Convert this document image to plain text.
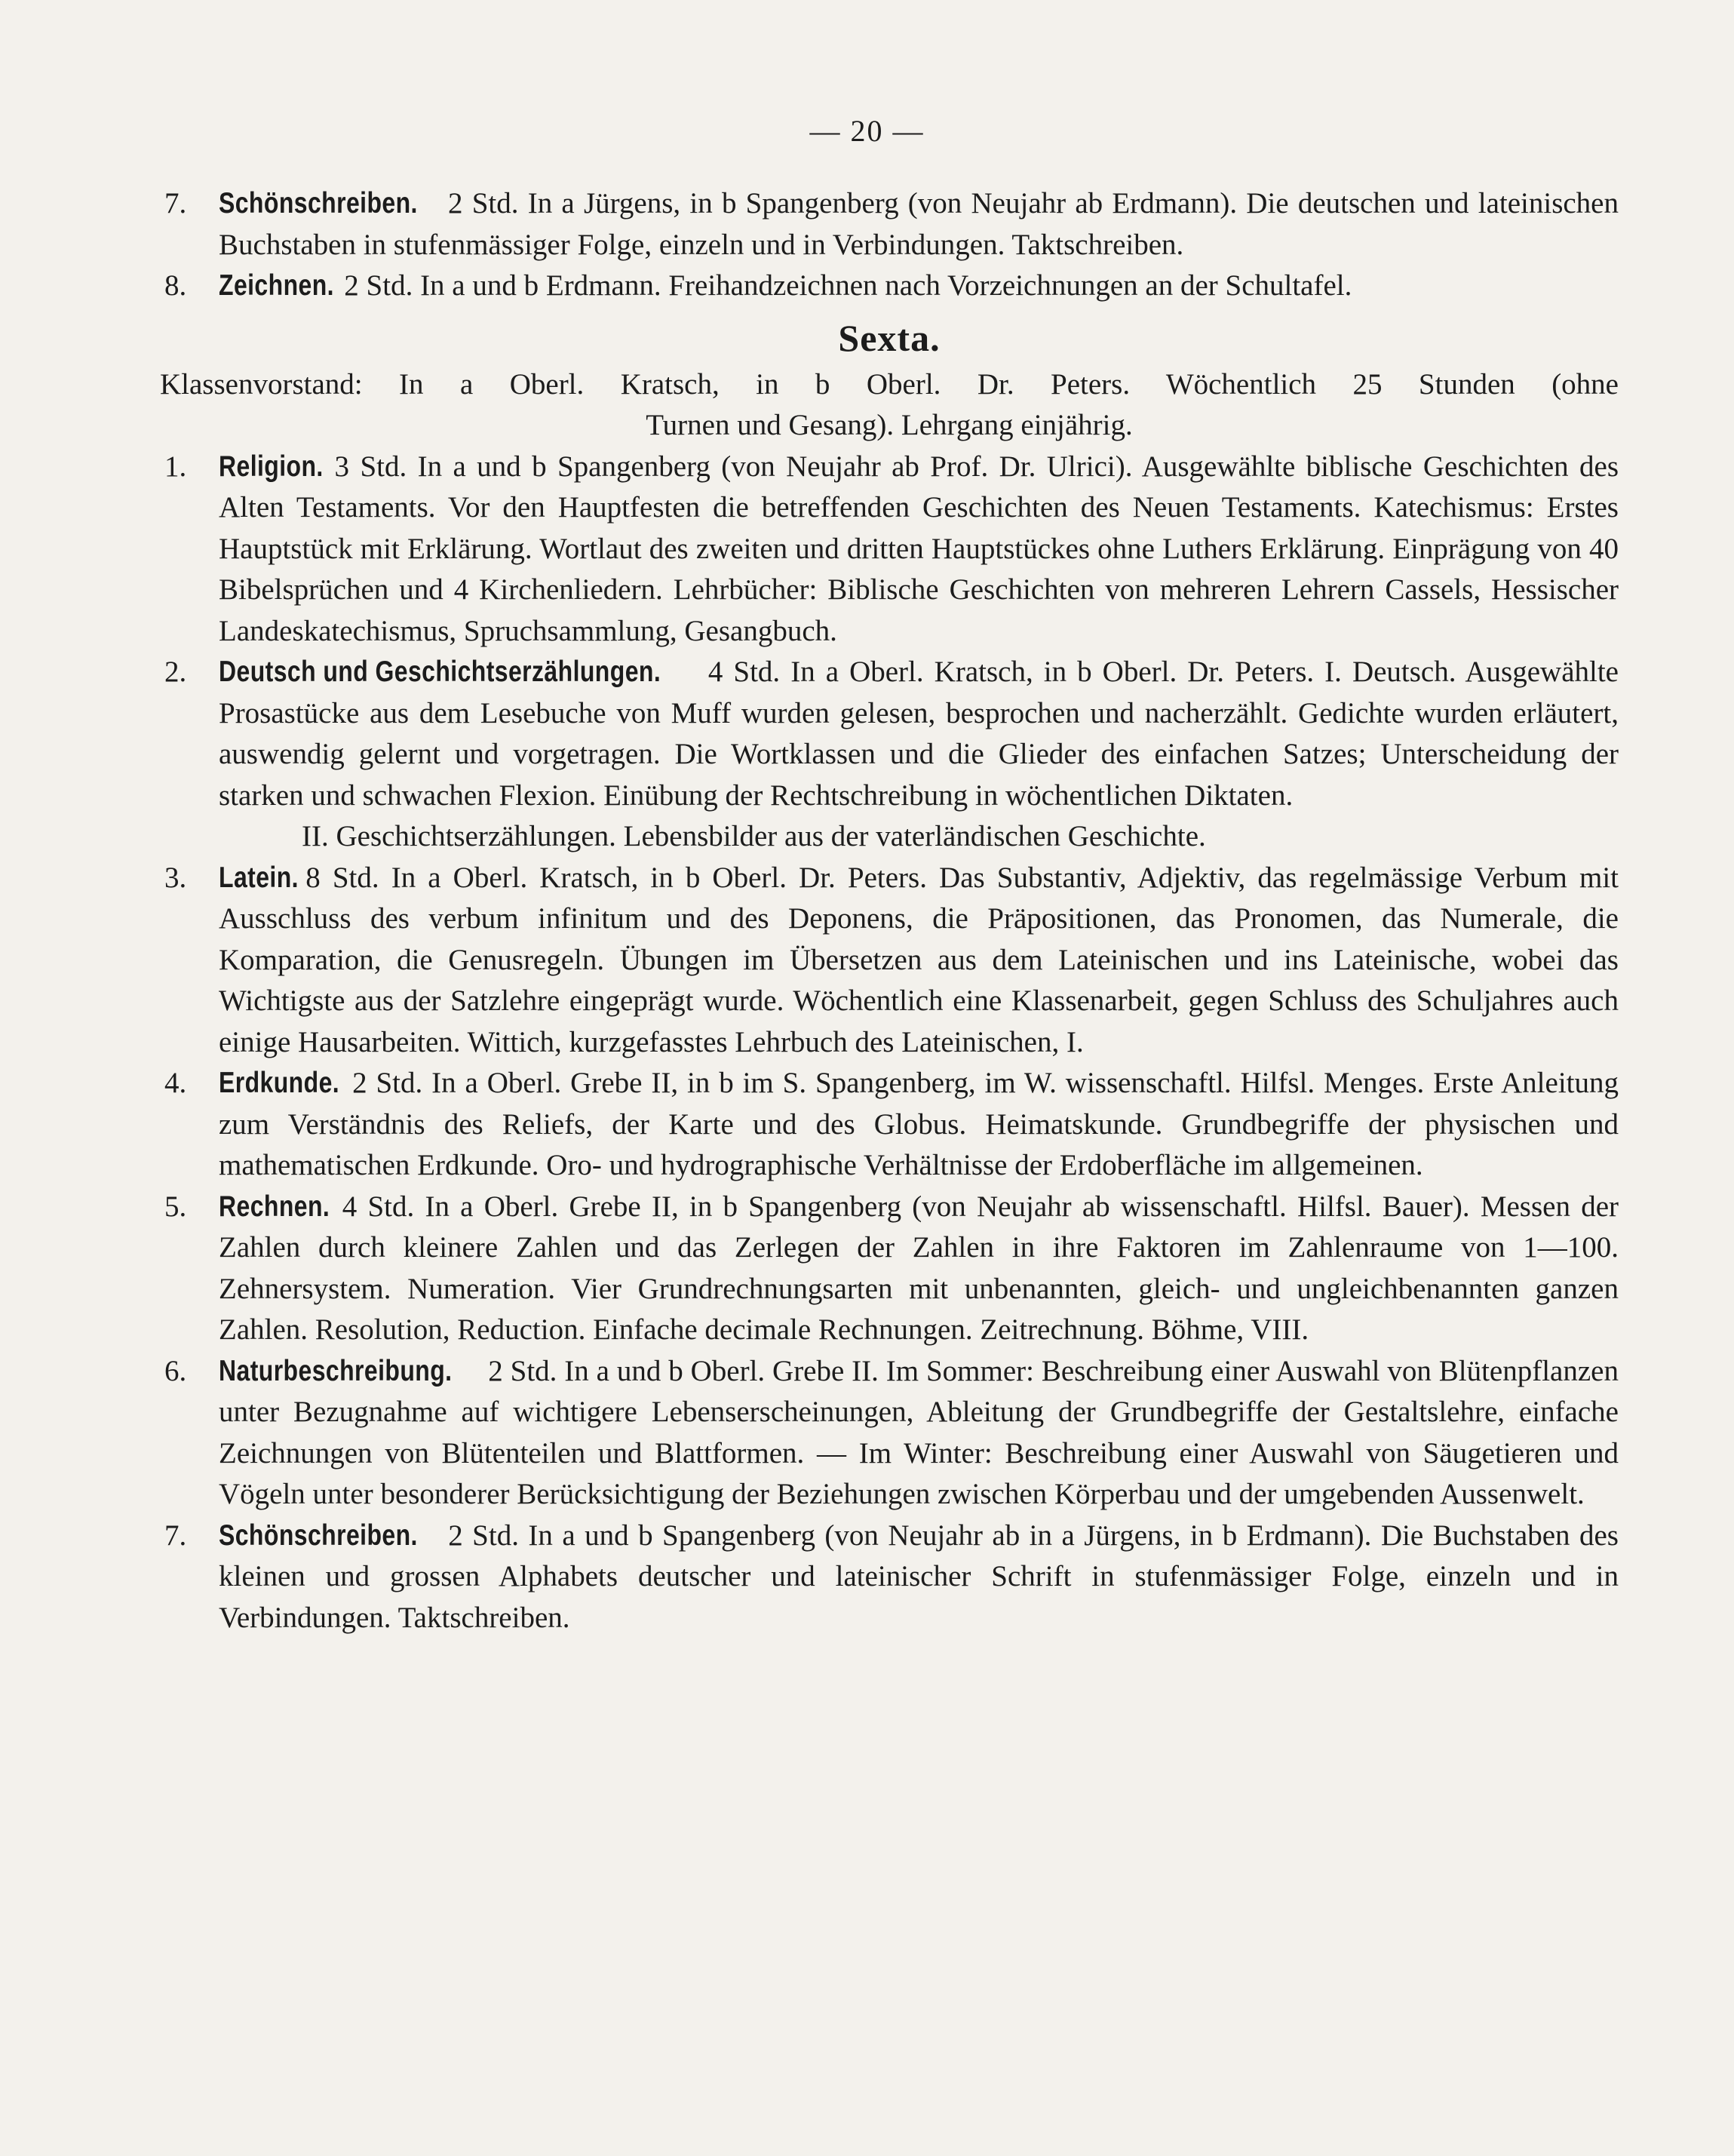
— 20 —
7. Schönschreiben. 2 Std. In a Jürgens, in b Spangenberg (von Neujahr ab Erdmann). Die deutschen und lateinischen Buchstaben in stufenmässiger Folge, einzeln und in Verbindungen. Taktschreiben.
8. Zeichnen. 2 Std. In a und b Erdmann. Freihandzeichnen nach Vorzeichnungen an der Schultafel.
Sexta.
Klassenvorstand: In a Oberl. Kratsch, in b Oberl. Dr. Peters. Wöchentlich 25 Stunden (ohne
Turnen und Gesang). Lehrgang einjährig.
1. Religion. 3 Std. In a und b Spangenberg (von Neujahr ab Prof. Dr. Ulrici). Ausgewählte biblische Geschichten des Alten Testaments. Vor den Hauptfesten die betreffenden Geschichten des Neuen Testaments. Katechismus: Erstes Hauptstück mit Erklärung. Wortlaut des zweiten und dritten Hauptstückes ohne Luthers Erklärung. Einprägung von 40 Bibelsprüchen und 4 Kirchenliedern. Lehrbücher: Biblische Geschichten von mehreren Lehrern Cassels, Hessischer Landeskatechismus, Spruchsammlung, Gesangbuch.
2. Deutsch und Geschichtserzählungen. 4 Std. In a Oberl. Kratsch, in b Oberl. Dr. Peters. I. Deutsch. Ausgewählte Prosastücke aus dem Lesebuche von Muff wurden gelesen, besprochen und nacherzählt. Gedichte wurden erläutert, auswendig gelernt und vorgetragen. Die Wortklassen und die Glieder des einfachen Satzes; Unterscheidung der starken und schwachen Flexion. Einübung der Rechtschreibung in wöchentlichen Diktaten.
II. Geschichtserzählungen. Lebensbilder aus der vaterländischen Geschichte.
3. Latein. 8 Std. In a Oberl. Kratsch, in b Oberl. Dr. Peters. Das Substantiv, Adjektiv, das regelmässige Verbum mit Ausschluss des verbum infinitum und des Deponens, die Präpositionen, das Pronomen, das Numerale, die Komparation, die Genusregeln. Übungen im Übersetzen aus dem Lateinischen und ins Lateinische, wobei das Wichtigste aus der Satzlehre eingeprägt wurde. Wöchentlich eine Klassenarbeit, gegen Schluss des Schuljahres auch einige Hausarbeiten. Wittich, kurzgefasstes Lehrbuch des Lateinischen, I.
4. Erdkunde. 2 Std. In a Oberl. Grebe II, in b im S. Spangenberg, im W. wissenschaftl. Hilfsl. Menges. Erste Anleitung zum Verständnis des Reliefs, der Karte und des Globus. Heimatskunde. Grundbegriffe der physischen und mathematischen Erdkunde. Oro- und hydrographische Verhältnisse der Erdoberfläche im allgemeinen.
5. Rechnen. 4 Std. In a Oberl. Grebe II, in b Spangenberg (von Neujahr ab wissenschaftl. Hilfsl. Bauer). Messen der Zahlen durch kleinere Zahlen und das Zerlegen der Zahlen in ihre Faktoren im Zahlenraume von 1—100. Zehnersystem. Numeration. Vier Grundrechnungsarten mit unbenannten, gleich- und ungleichbenannten ganzen Zahlen. Resolution, Reduction. Einfache decimale Rechnungen. Zeitrechnung. Böhme, VIII.
6. Naturbeschreibung. 2 Std. In a und b Oberl. Grebe II. Im Sommer: Beschreibung einer Auswahl von Blütenpflanzen unter Bezugnahme auf wichtigere Lebenserscheinungen, Ableitung der Grundbegriffe der Gestaltslehre, einfache Zeichnungen von Blütenteilen und Blattformen. — Im Winter: Beschreibung einer Auswahl von Säugetieren und Vögeln unter besonderer Berücksichtigung der Beziehungen zwischen Körperbau und der umgebenden Aussenwelt.
7. Schönschreiben. 2 Std. In a und b Spangenberg (von Neujahr ab in a Jürgens, in b Erdmann). Die Buchstaben des kleinen und grossen Alphabets deutscher und lateinischer Schrift in stufenmässiger Folge, einzeln und in Verbindungen. Taktschreiben.
